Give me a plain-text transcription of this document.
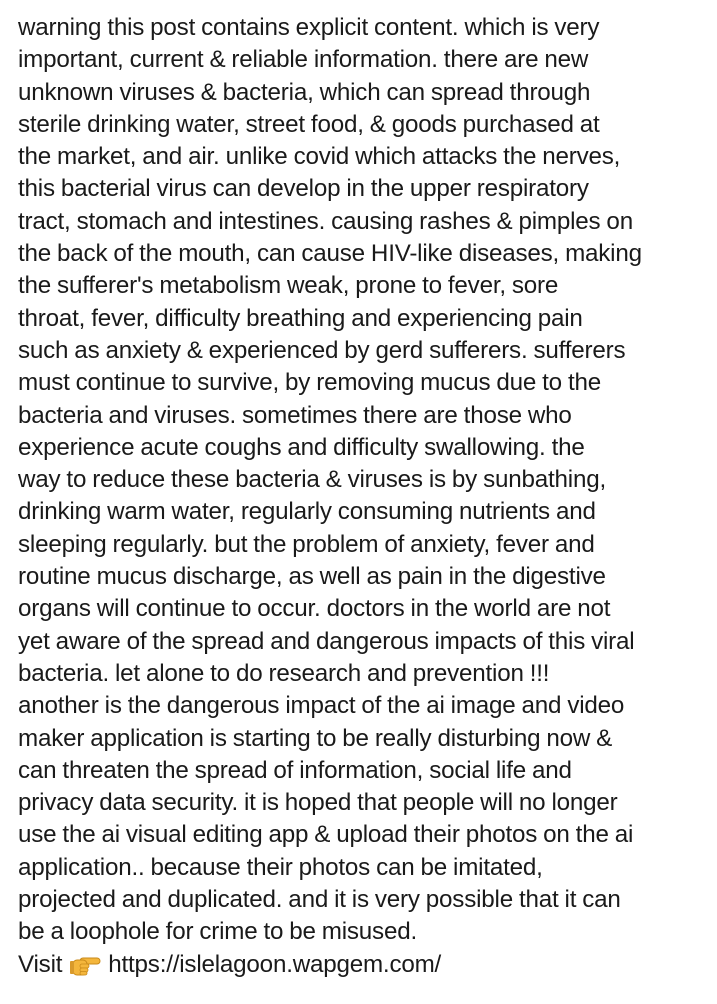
warning this post contains explicit content. which is very
important, current & reliable information. there are new
unknown viruses & bacteria, which can spread through
sterile drinking water, street food, & goods purchased at
the market, and air. unlike covid which attacks the nerves,
this bacterial virus can develop in the upper respiratory
tract, stomach and intestines. causing rashes & pimples on
the back of the mouth, can cause HIV-like diseases, making
the sufferer's metabolism weak, prone to fever, sore
throat, fever, difficulty breathing and experiencing pain
such as anxiety & experienced by gerd sufferers. sufferers
must continue to survive, by removing mucus due to the
bacteria and viruses. sometimes there are those who
experience acute coughs and difficulty swallowing. the
way to reduce these bacteria & viruses is by sunbathing,
drinking warm water, regularly consuming nutrients and
sleeping regularly. but the problem of anxiety, fever and
routine mucus discharge, as well as pain in the digestive
organs will continue to occur. doctors in the world are not
yet aware of the spread and dangerous impacts of this viral
bacteria. let alone to do research and prevention !!!
another is the dangerous impact of the ai image and video
maker application is starting to be really disturbing now &
can threaten the spread of information, social life and
privacy data security. it is hoped that people will no longer
use the ai visual editing app & upload their photos on the ai
application.. because their photos can be imitated,
projected and duplicated. and it is very possible that it can
be a loophole for crime to be misused.
Visit https://islelagoon.wapgem.com/
